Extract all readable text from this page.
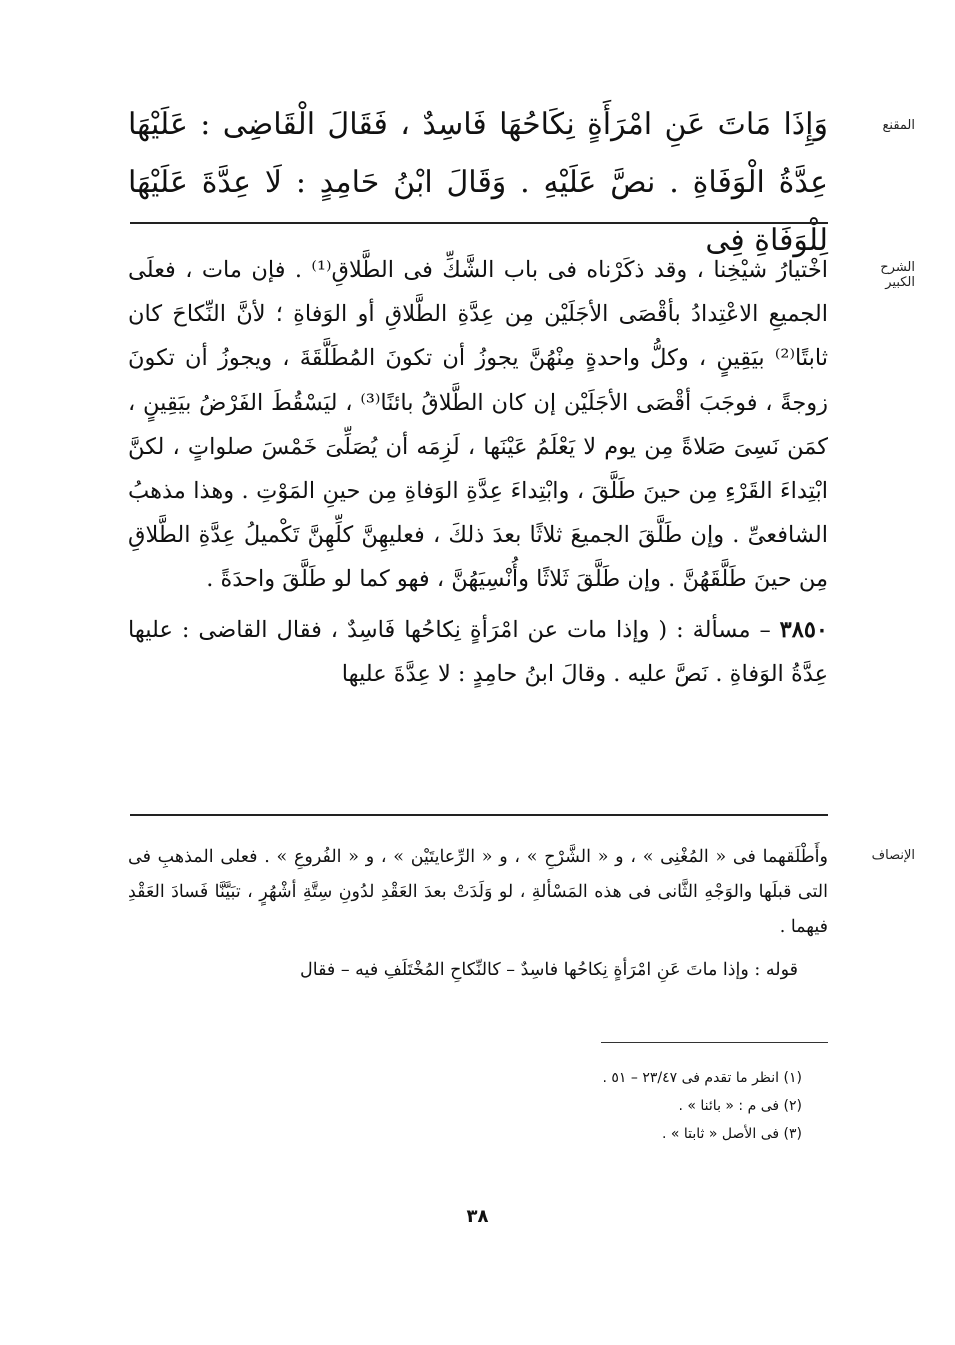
المقنع

وَإِذَا مَاتَ عَنِ امْرَأَةٍ نِكَاحُهَا فَاسِدٌ ، فَقَالَ الْقَاضِى : عَلَيْهَا عِدَّةُ الْوَفَاةِ . نصَّ عَلَيْهِ . وَقَالَ ابْنُ حَامِدٍ : لَا عِدَّةَ عَلَيْهَا لِلْوَفَاةِ فِى

الشرح الكبير

اخْتيارُ شيْخِنا ، وقد ذكَرْناه فى باب الشَّكِّ فى الطَّلاقِ⁽¹⁾ . فإن مات ، فعلَى الجميعِ الاعْتِدادُ بأقْصَى الأجَلَيْن مِن عِدَّةِ الطَّلاقِ أو الوَفاةِ ؛ لأنَّ النِّكاحَ كان ثابتًا⁽²⁾ بيَقِينٍ ، وكلُّ واحدةٍ مِنْهُنَّ يجوزُ أن تكونَ المُطَلَّقَةَ ، ويجوزُ أن تكونَ زوجةً ، فوجَبَ أقْصَى الأجَلَيْن إن كان الطَّلاقُ بائنًا⁽³⁾ ، ليَسْقُطَ الفَرْضُ بيَقِينٍ ، كمَن نَسِىَ صَلاةً مِن يوم لا يَعْلَمُ عَيْنَها ، لَزِمَه أن يُصَلِّىَ خَمْسَ صلواتٍ ، لكنَّ ابْتِداءَ القَرْءِ مِن حينَ طَلَّقَ ، وابْتِداءَ عِدَّةِ الوَفاةِ مِن حينِ المَوْتِ . وهذا مذهبُ الشافعىِّ . وإن طَلَّقَ الجميعَ ثلاثًا بعدَ ذلكَ ، فعليهِنَّ كلِّهِنَّ تَكْميلُ عِدَّةِ الطَّلاقِ مِن حينَ طَلَّقَهُنَّ . وإن طَلَّقَ ثَلاثًا وأُنْسِيَهُنَّ ، فهو كما لو طَلَّقَ واحدَةً .

٣٨٥٠ – مسألة : ( وإذا مات عن امْرَأةٍ نِكاحُها فَاسِدٌ ، فقال القاضى : عليها عِدَّةُ الوَفاةِ . نَصَّ عليه . وقالَ ابنُ حامِدٍ : لا عِدَّةَ عليها

الإنصاف

وأَطْلَقهما فى « المُغْنِى » ، و « الشَّرْحِ » ، و « الرِّعايتَيْن » ، و « الفُروعِ » . فعلى المذهبِ فى التى قبلَها والوَجْهِ الثَّانى فى هذه المَسْألةِ ، لو وَلَدَتْ بعدَ العَقْدِ لدُونِ سِتَّةِ أشْهُرٍ ، تبَيَّنَّا فَسادَ العَقْدِ فيهما .

قوله : وإذا ماتَ عَنِ امْرَأةٍ نِكاحُها فاسِدٌ – كالنِّكاحِ المُخْتَلَفِ فيه – فقال

(١) انظر ما تقدم فى ٢٣/٤٧ – ٥١ .
(٢) فى م : « بائنا » .
(٣) فى الأصل « ثابتا » .
٣٨
